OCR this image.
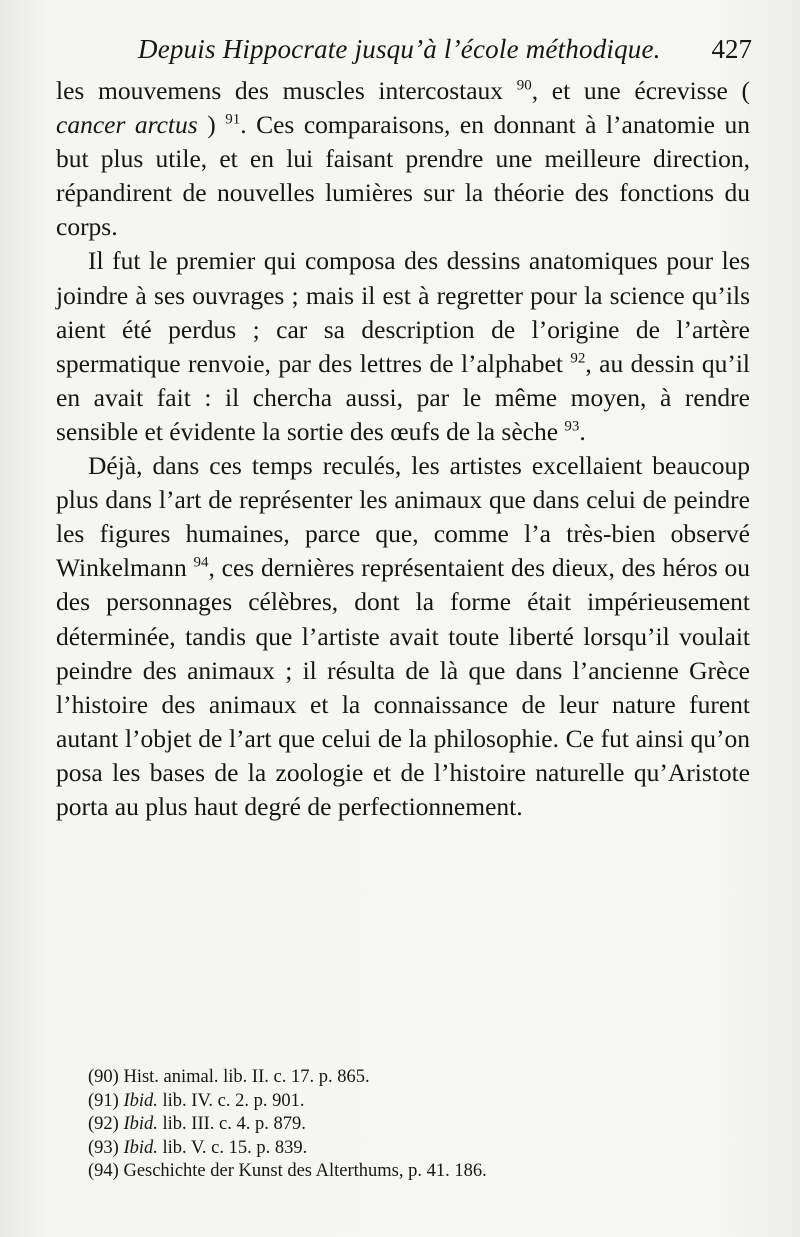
Depuis Hippocrate jusqu’à l’école méthodique. 427

les mouvemens des muscles intercostaux $^{90}$, et une écrevisse ( cancer arctus ) $^{91}$. Ces comparaisons, en donnant à l’anatomie un but plus utile, et en lui faisant prendre une meilleure direction, répandirent de nouvelles lumières sur la théorie des fonctions du corps.

Il fut le premier qui composa des dessins anatomiques pour les joindre à ses ouvrages ; mais il est à regretter pour la science qu’ils aient été perdus ; car sa description de l’origine de l’artère spermatique renvoie, par des lettres de l’alphabet $^{92}$, au dessin qu’il en avait fait : il chercha aussi, par le même moyen, à rendre sensible et évidente la sortie des œufs de la sèche $^{93}$.

Déjà, dans ces temps reculés, les artistes excellaient beaucoup plus dans l’art de représenter les animaux que dans celui de peindre les figures humaines, parce que, comme l’a très-bien observé Winkelmann $^{94}$, ces dernières représentaient des dieux, des héros ou des personnages célèbres, dont la forme était impérieusement déterminée, tandis que l’artiste avait toute liberté lorsqu’il voulait peindre des animaux ; il résulta de là que dans l’ancienne Grèce l’histoire des animaux et la connaissance de leur nature furent autant l’objet de l’art que celui de la philosophie. Ce fut ainsi qu’on posa les bases de la zoologie et de l’histoire naturelle qu’Aristote porta au plus haut degré de perfectionnement.

(90) Hist. animal. lib. II. c. 17. p. 865.
(91) Ibid. lib. IV. c. 2. p. 901.
(92) Ibid. lib. III. c. 4. p. 879.
(93) Ibid. lib. V. c. 15. p. 839.
(94) Geschichte der Kunst des Alterthums, p. 41. 186.
